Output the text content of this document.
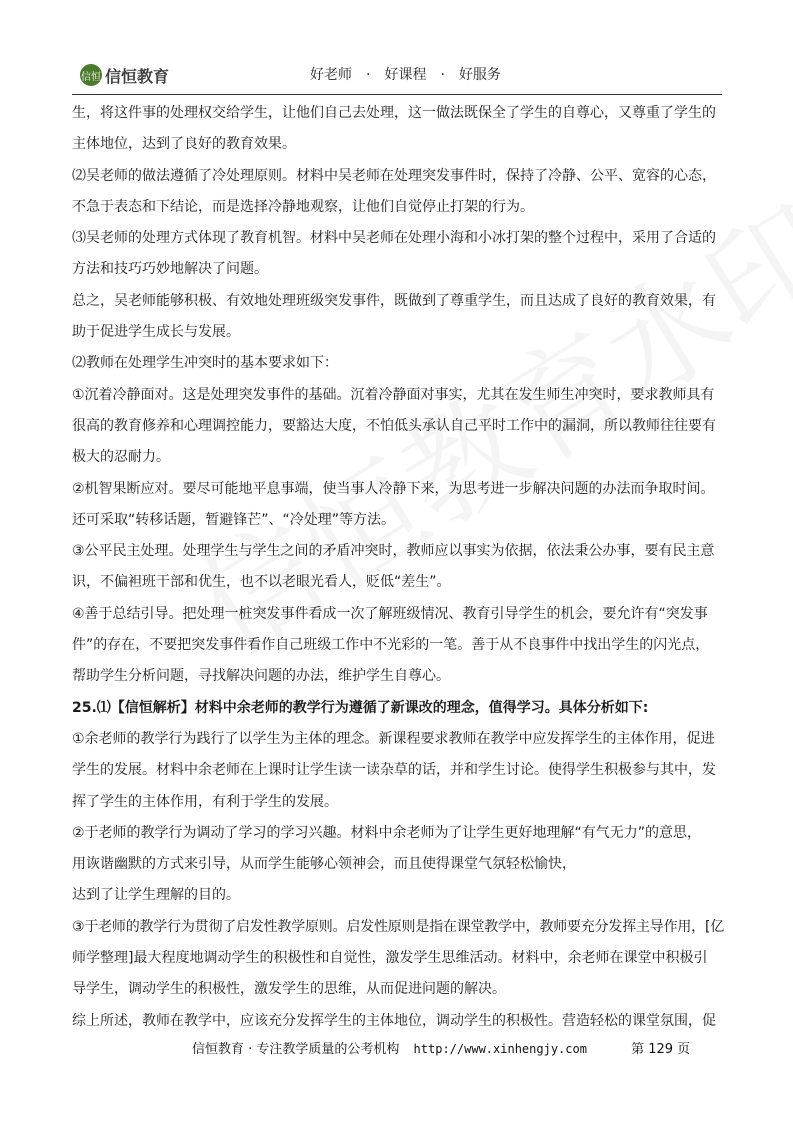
信恒 信恒教育	好老师　·　好课程　·　好服务

生，将这件事的处理权交给学生，让他们自己去处理，这一做法既保全了学生的自尊心，又尊重了学生的

主体地位，达到了良好的教育效果。

⑵吴老师的做法遵循了冷处理原则。材料中吴老师在处理突发事件时，保持了冷静、公平、宽容的心态，

不急于表态和下结论，而是选择冷静地观察，让他们自觉停止打架的行为。

⑶吴老师的处理方式体现了教育机智。材料中吴老师在处理小海和小冰打架的整个过程中，采用了合适的

方法和技巧巧妙地解决了问题。

总之，吴老师能够积极、有效地处理班级突发事件，既做到了尊重学生，而且达成了良好的教育效果，有

助于促进学生成长与发展。

⑵教师在处理学生冲突时的基本要求如下：

①沉着冷静面对。这是处理突发事件的基础。沉着冷静面对事实，尤其在发生师生冲突时，要求教师具有

很高的教育修养和心理调控能力，要豁达大度，不怕低头承认自己平时工作中的漏洞，所以教师往往要有

极大的忍耐力。

②机智果断应对。要尽可能地平息事端，使当事人冷静下来，为思考进一步解决问题的办法而争取时间。

还可采取“转移话题，暂避锋芒”、“冷处理”等方法。

③公平民主处理。处理学生与学生之间的矛盾冲突时，教师应以事实为依据，依法秉公办事，要有民主意

识，不偏袒班干部和优生，也不以老眼光看人，贬低“差生”。

④善于总结引导。把处理一桩突发事件看成一次了解班级情况、教育引导学生的机会，要允许有“突发事

件”的存在，不要把突发事件看作自己班级工作中不光彩的一笔。善于从不良事件中找出学生的闪光点，

帮助学生分析问题，寻找解决问题的办法，维护学生自尊心。

25.⑴【信恒解析】材料中余老师的教学行为遵循了新课改的理念，值得学习。具体分析如下:

①余老师的教学行为践行了以学生为主体的理念。新课程要求教师在教学中应发挥学生的主体作用，促进

学生的发展。材料中余老师在上课时让学生读一读杂草的话，并和学生讨论。使得学生积极参与其中，发

挥了学生的主体作用，有利于学生的发展。

②于老师的教学行为调动了学习的学习兴趣。材料中余老师为了让学生更好地理解“有气无力”的意思，

用诙谐幽默的方式来引导，从而学生能够心领神会，而且使得课堂气氛轻松愉快，

达到了让学生理解的目的。

③于老师的教学行为贯彻了启发性教学原则。启发性原则是指在课堂教学中，教师要充分发挥主导作用，[亿

师学整理]最大程度地调动学生的积极性和自觉性，激发学生思维活动。材料中，余老师在课堂中积极引

导学生，调动学生的积极性，激发学生的思维，从而促进问题的解决。

综上所述，教师在教学中，应该充分发挥学生的主体地位，调动学生的积极性。营造轻松的课堂氛围，促

信恒教育 · 专注教学质量的公考机构 http://www.xinhengjy.com	第 129 页
